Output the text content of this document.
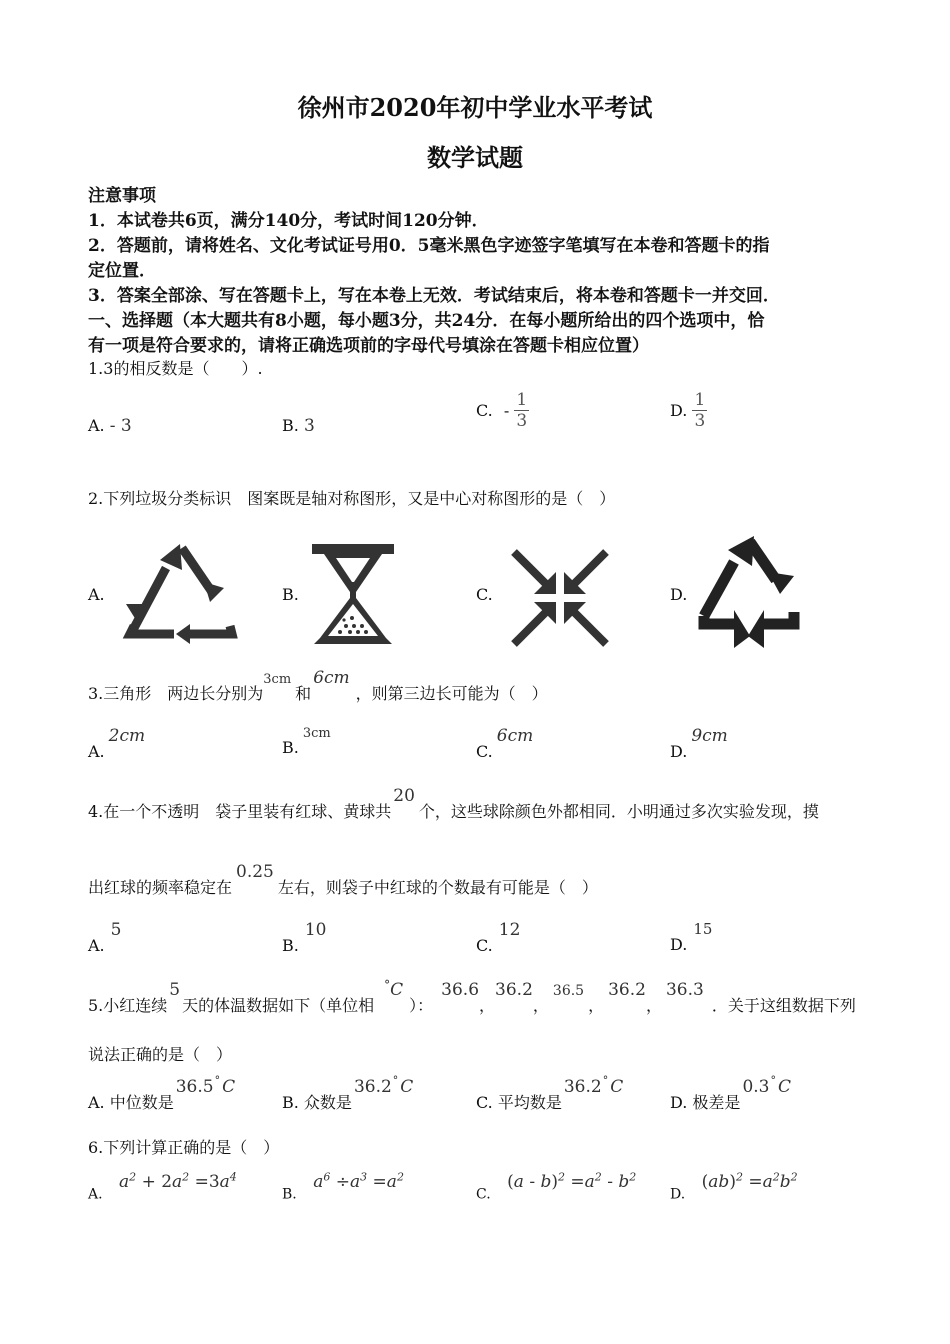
徐州市2020年初中学业水平考试
数学试题
注意事项
1．本试卷共6页，满分140分，考试时间120分钟．
2．答题前，请将姓名、文化考试证号用0．5毫米黑色字迹签字笔填写在本卷和答题卡的指
定位置．
3．答案全部涂、写在答题卡上，写在本卷上无效．考试结束后，将本卷和答题卡一并交回．
一、选择题（本大题共有8小题，每小题3分，共24分．在每小题所给出的四个选项中，恰
有一项是符合要求的，请将正确选项前的字母代号填涂在答题卡相应位置）
1.3的相反数是（　　）.
A. - 3	B. 3
C. - $\frac{1}{3}$	D. $\frac{1}{3}$
2.下列垃圾分类标识　图案既是轴对称图形，又是中心对称图形的是（　）
A.	B.	C.	D.
3.三角形　两边长分别为$^{3cm}$和6cm，则第三边长可能为（　）
A.2cm
B.$^{3cm}$
C.6cm
D.9cm
4.在一个不透明　袋子里装有红球、黄球共20个，这些球除颜色外都相同．小明通过多次实验发现，摸
出红球的频率稳定在0.25左右，则袋子中红球的个数最有可能是（　）
A.5
B.10
C.12
D.15
5.小红连续5天的体温数据如下（单位相°C）：36.6，36.2，36.5，36.2，36.3．关于这组数据下列
说法正确的是（　）
A. 中位数是36.5° C
B. 众数是36.2° C
C. 平均数是36.2° C
D. 极差是0.3° C
6.下列计算正确的是（　）
A. $a^2 + 2a^2 =3a^4$
B. $a^6 \div a^3 =a^2$
C. $(a - b)^2 =a^2 - b^2$
D. $(ab)^2 =a^2b^2$
